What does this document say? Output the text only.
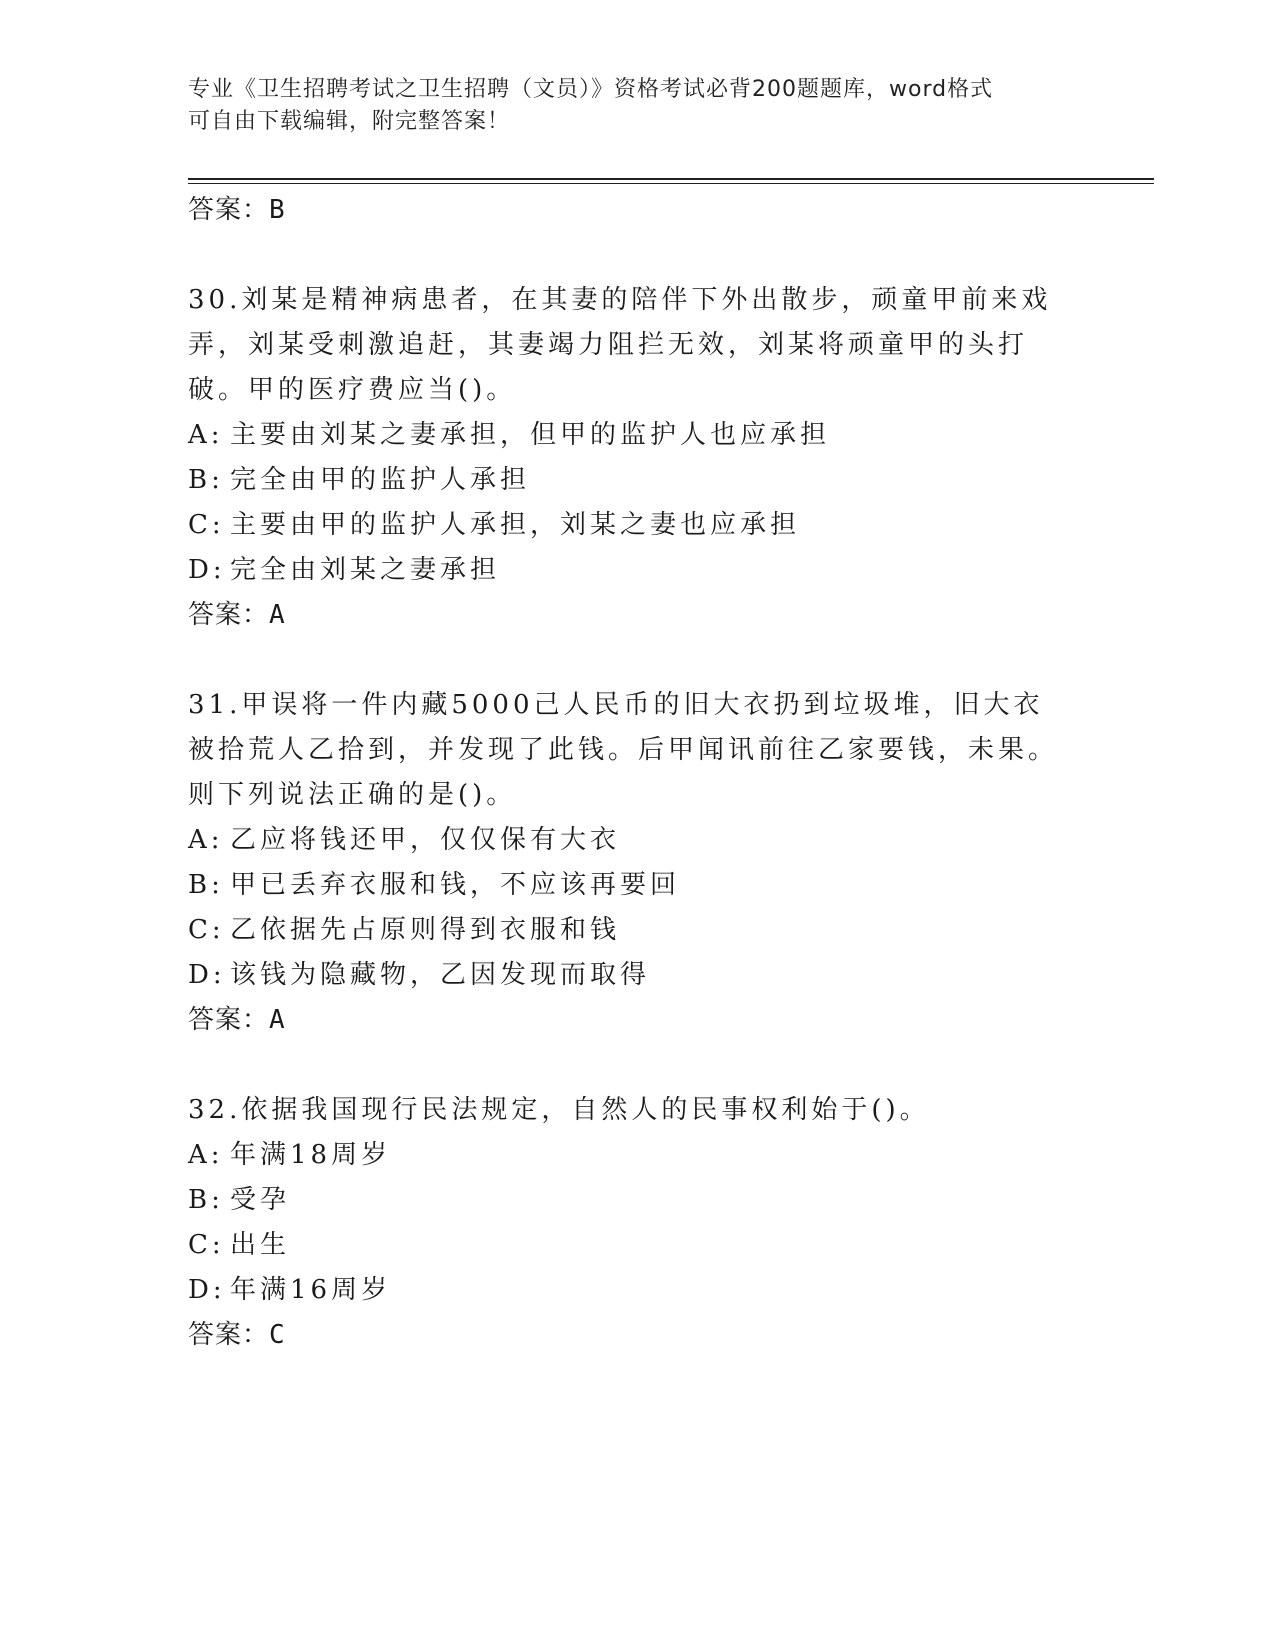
专业《卫生招聘考试之卫生招聘（文员）》资格考试必背200题题库，word格式
可自由下载编辑，附完整答案！

答案：B

30.刘某是精神病患者，在其妻的陪伴下外出散步，顽童甲前来戏弄，刘某受刺激追赶，其妻竭力阻拦无效，刘某将顽童甲的头打破。甲的医疗费应当()。

A: 主要由刘某之妻承担，但甲的监护人也应承担
B: 完全由甲的监护人承担
C: 主要由甲的监护人承担，刘某之妻也应承担
D: 完全由刘某之妻承担

答案：A

31.甲误将一件内藏5000己人民币的旧大衣扔到垃圾堆，旧大衣被拾荒人乙拾到，并发现了此钱。后甲闻讯前往乙家要钱，未果。则下列说法正确的是()。

A: 乙应将钱还甲，仅仅保有大衣
B: 甲已丢弃衣服和钱，不应该再要回
C: 乙依据先占原则得到衣服和钱
D: 该钱为隐藏物，乙因发现而取得

答案：A

32.依据我国现行民法规定，自然人的民事权利始于()。

A: 年满18周岁
B: 受孕
C: 出生
D: 年满16周岁

答案：C
